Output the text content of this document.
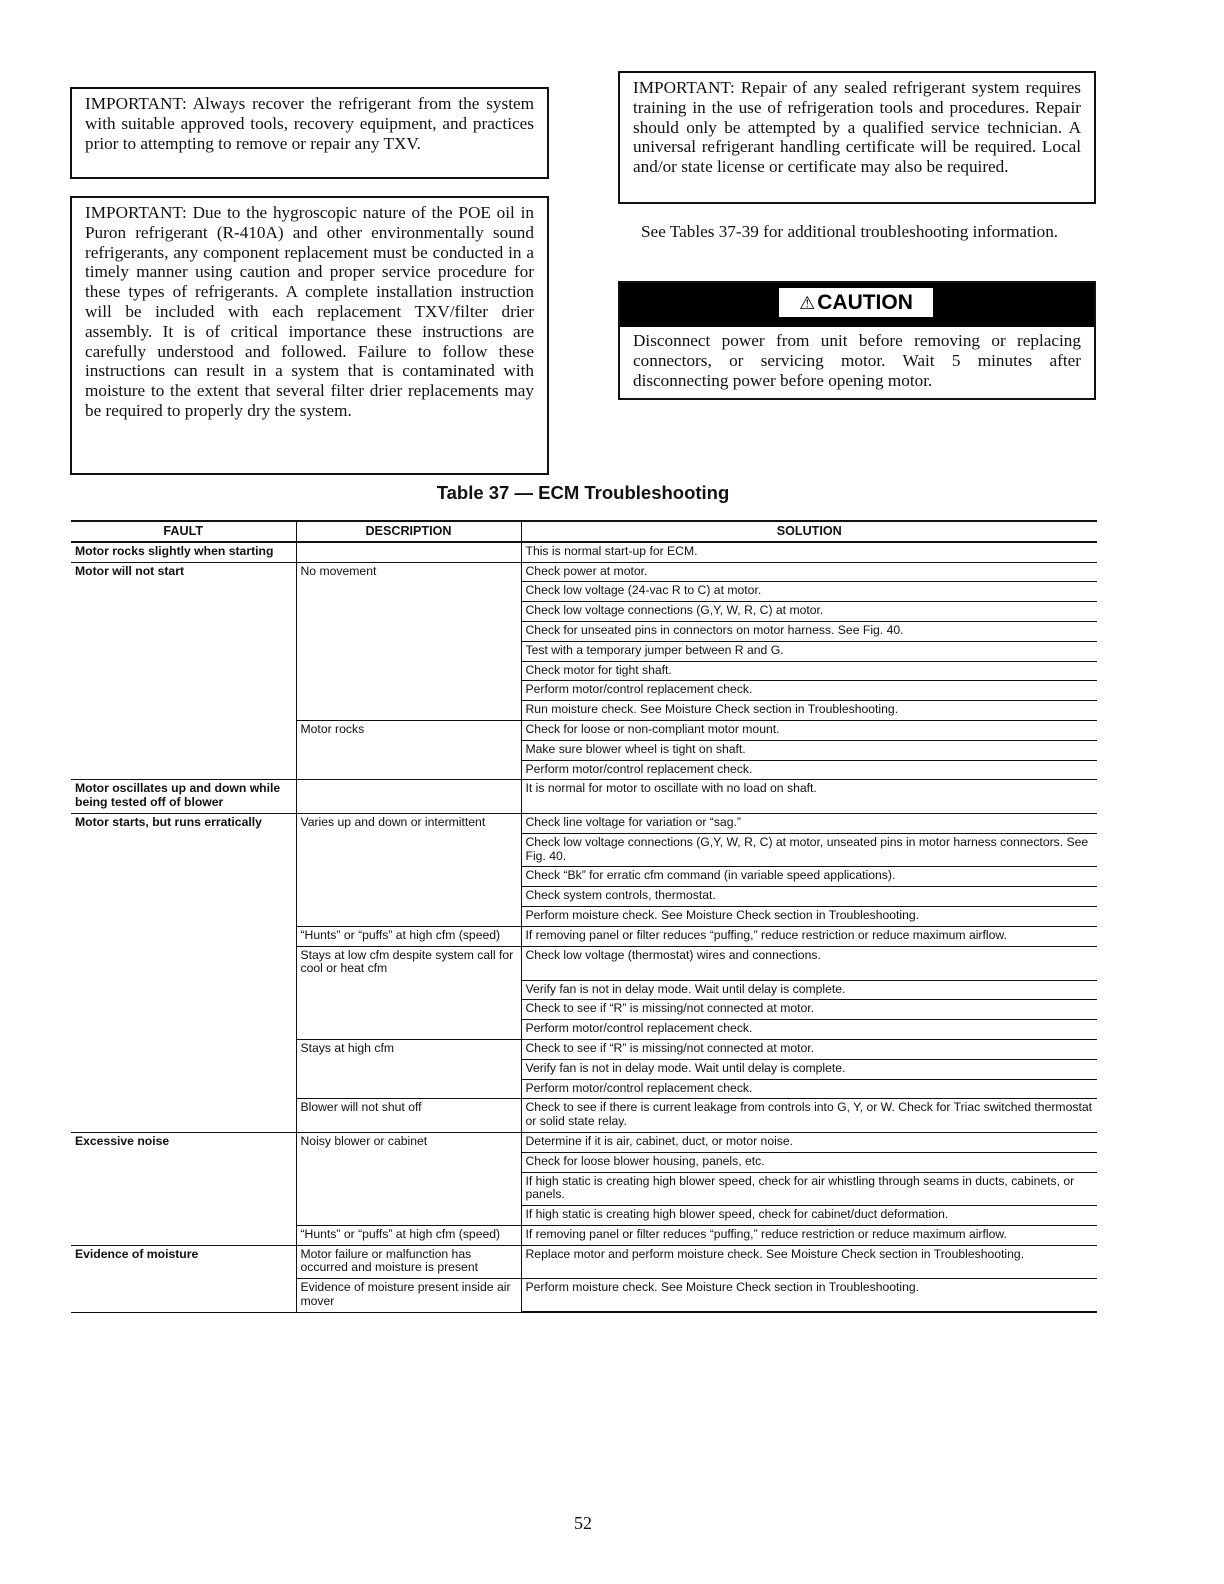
IMPORTANT: Always recover the refrigerant from the system with suitable approved tools, recovery equipment, and practices prior to attempting to remove or repair any TXV.
IMPORTANT: Due to the hygroscopic nature of the POE oil in Puron refrigerant (R-410A) and other environmentally sound refrigerants, any component replacement must be conducted in a timely manner using caution and proper service procedure for these types of refrigerants. A complete installation instruction will be included with each replacement TXV/filter drier assembly. It is of critical importance these instructions are carefully understood and followed. Failure to follow these instructions can result in a system that is contaminated with moisture to the extent that several filter drier replacements may be required to properly dry the system.
IMPORTANT: Repair of any sealed refrigerant system requires training in the use of refrigeration tools and procedures. Repair should only be attempted by a qualified service technician. A universal refrigerant handling certificate will be required. Local and/or state license or certificate may also be required.
See Tables 37-39 for additional troubleshooting information.
⚠CAUTION
Disconnect power from unit before removing or replacing connectors, or servicing motor. Wait 5 minutes after disconnecting power before opening motor.
Table 37 — ECM Troubleshooting
FAULT	DESCRIPTION	SOLUTION
Motor rocks slightly when starting		This is normal start-up for ECM.
Motor will not start	No movement	Check power at motor.
		Check low voltage (24-vac R to C) at motor.
		Check low voltage connections (G,Y, W, R, C) at motor.
		Check for unseated pins in connectors on motor harness. See Fig. 40.
		Test with a temporary jumper between R and G.
		Check motor for tight shaft.
		Perform motor/control replacement check.
		Run moisture check. See Moisture Check section in Troubleshooting.
	Motor rocks	Check for loose or non-compliant motor mount.
		Make sure blower wheel is tight on shaft.
		Perform motor/control replacement check.
Motor oscillates up and down while being tested off of blower		It is normal for motor to oscillate with no load on shaft.
Motor starts, but runs erratically	Varies up and down or intermittent	Check line voltage for variation or “sag.”
		Check low voltage connections (G,Y, W, R, C) at motor, unseated pins in motor harness connectors. See Fig. 40.
		Check “Bk” for erratic cfm command (in variable speed applications).
		Check system controls, thermostat.
		Perform moisture check. See Moisture Check section in Troubleshooting.
	“Hunts” or “puffs” at high cfm (speed)	If removing panel or filter reduces “puffing,” reduce restriction or reduce maximum airflow.
	Stays at low cfm despite system call for cool or heat cfm	Check low voltage (thermostat) wires and connections.
		Verify fan is not in delay mode. Wait until delay is complete.
		Check to see if “R” is missing/not connected at motor.
		Perform motor/control replacement check.
	Stays at high cfm	Check to see if “R” is missing/not connected at motor.
		Verify fan is not in delay mode. Wait until delay is complete.
		Perform motor/control replacement check.
	Blower will not shut off	Check to see if there is current leakage from controls into G, Y, or W. Check for Triac switched thermostat or solid state relay.
Excessive noise	Noisy blower or cabinet	Determine if it is air, cabinet, duct, or motor noise.
		Check for loose blower housing, panels, etc.
		If high static is creating high blower speed, check for air whistling through seams in ducts, cabinets, or panels.
		If high static is creating high blower speed, check for cabinet/duct deformation.
	“Hunts” or “puffs” at high cfm (speed)	If removing panel or filter reduces “puffing,” reduce restriction or reduce maximum airflow.
Evidence of moisture	Motor failure or malfunction has occurred and moisture is present	Replace motor and perform moisture check. See Moisture Check section in Troubleshooting.
	Evidence of moisture present inside air mover	Perform moisture check. See Moisture Check section in Troubleshooting.
52
